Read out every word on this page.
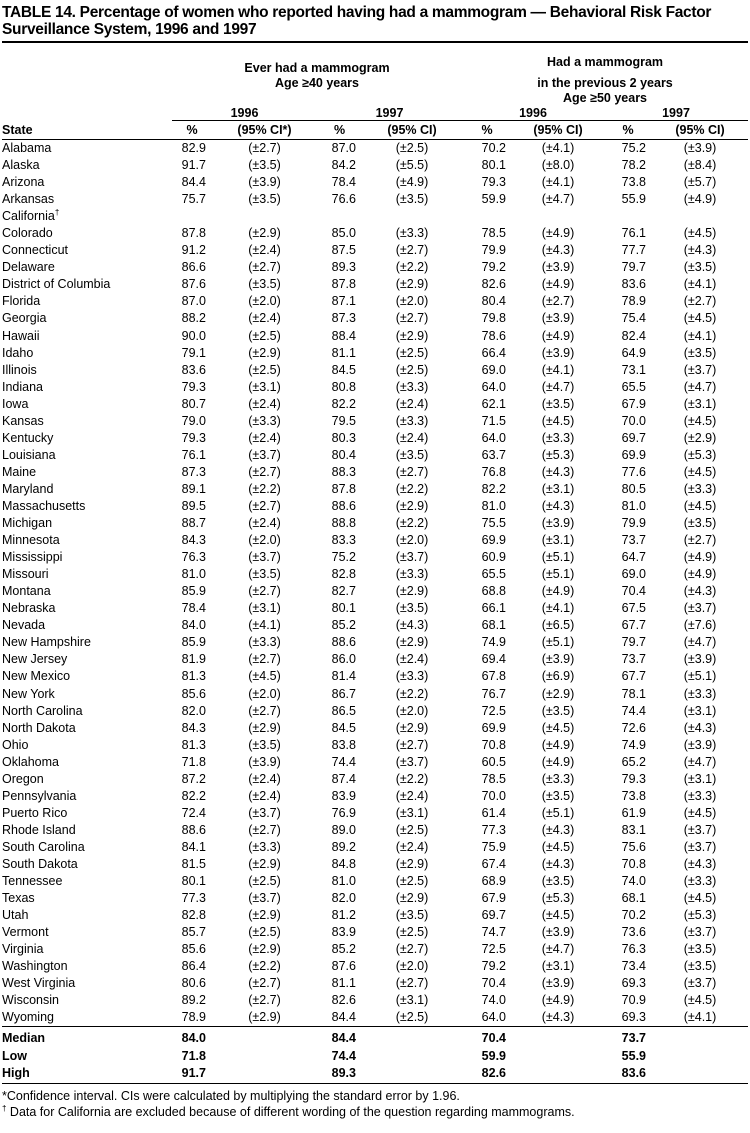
TABLE 14. Percentage of women who reported having had a mammogram — Behavioral Risk Factor Surveillance System, 1996 and 1997
	Ever had a mammogram				Had a mammogram			
	Age ≥40 years				in the previous 2 years			
					Age ≥50 years			
	1996		1997		1996		1997	
State	%	(95% CI*)	%	(95% CI)	%	(95% CI)	%	(95% CI)
Alabama	82.9	(±2.7)	87.0	(±2.5)	70.2	(±4.1)	75.2	(±3.9)
Alaska	91.7	(±3.5)	84.2	(±5.5)	80.1	(±8.0)	78.2	(±8.4)
Arizona	84.4	(±3.9)	78.4	(±4.9)	79.3	(±4.1)	73.8	(±5.7)
Arkansas	75.7	(±3.5)	76.6	(±3.5)	59.9	(±4.7)	55.9	(±4.9)
California†								
Colorado	87.8	(±2.9)	85.0	(±3.3)	78.5	(±4.9)	76.1	(±4.5)
Connecticut	91.2	(±2.4)	87.5	(±2.7)	79.9	(±4.3)	77.7	(±4.3)
Delaware	86.6	(±2.7)	89.3	(±2.2)	79.2	(±3.9)	79.7	(±3.5)
District of Columbia	87.6	(±3.5)	87.8	(±2.9)	82.6	(±4.9)	83.6	(±4.1)
Florida	87.0	(±2.0)	87.1	(±2.0)	80.4	(±2.7)	78.9	(±2.7)
Georgia	88.2	(±2.4)	87.3	(±2.7)	79.8	(±3.9)	75.4	(±4.5)
Hawaii	90.0	(±2.5)	88.4	(±2.9)	78.6	(±4.9)	82.4	(±4.1)
Idaho	79.1	(±2.9)	81.1	(±2.5)	66.4	(±3.9)	64.9	(±3.5)
Illinois	83.6	(±2.5)	84.5	(±2.5)	69.0	(±4.1)	73.1	(±3.7)
Indiana	79.3	(±3.1)	80.8	(±3.3)	64.0	(±4.7)	65.5	(±4.7)
Iowa	80.7	(±2.4)	82.2	(±2.4)	62.1	(±3.5)	67.9	(±3.1)
Kansas	79.0	(±3.3)	79.5	(±3.3)	71.5	(±4.5)	70.0	(±4.5)
Kentucky	79.3	(±2.4)	80.3	(±2.4)	64.0	(±3.3)	69.7	(±2.9)
Louisiana	76.1	(±3.7)	80.4	(±3.5)	63.7	(±5.3)	69.9	(±5.3)
Maine	87.3	(±2.7)	88.3	(±2.7)	76.8	(±4.3)	77.6	(±4.5)
Maryland	89.1	(±2.2)	87.8	(±2.2)	82.2	(±3.1)	80.5	(±3.3)
Massachusetts	89.5	(±2.7)	88.6	(±2.9)	81.0	(±4.3)	81.0	(±4.5)
Michigan	88.7	(±2.4)	88.8	(±2.2)	75.5	(±3.9)	79.9	(±3.5)
Minnesota	84.3	(±2.0)	83.3	(±2.0)	69.9	(±3.1)	73.7	(±2.7)
Mississippi	76.3	(±3.7)	75.2	(±3.7)	60.9	(±5.1)	64.7	(±4.9)
Missouri	81.0	(±3.5)	82.8	(±3.3)	65.5	(±5.1)	69.0	(±4.9)
Montana	85.9	(±2.7)	82.7	(±2.9)	68.8	(±4.9)	70.4	(±4.3)
Nebraska	78.4	(±3.1)	80.1	(±3.5)	66.1	(±4.1)	67.5	(±3.7)
Nevada	84.0	(±4.1)	85.2	(±4.3)	68.1	(±6.5)	67.7	(±7.6)
New Hampshire	85.9	(±3.3)	88.6	(±2.9)	74.9	(±5.1)	79.7	(±4.7)
New Jersey	81.9	(±2.7)	86.0	(±2.4)	69.4	(±3.9)	73.7	(±3.9)
New Mexico	81.3	(±4.5)	81.4	(±3.3)	67.8	(±6.9)	67.7	(±5.1)
New York	85.6	(±2.0)	86.7	(±2.2)	76.7	(±2.9)	78.1	(±3.3)
North Carolina	82.0	(±2.7)	86.5	(±2.0)	72.5	(±3.5)	74.4	(±3.1)
North Dakota	84.3	(±2.9)	84.5	(±2.9)	69.9	(±4.5)	72.6	(±4.3)
Ohio	81.3	(±3.5)	83.8	(±2.7)	70.8	(±4.9)	74.9	(±3.9)
Oklahoma	71.8	(±3.9)	74.4	(±3.7)	60.5	(±4.9)	65.2	(±4.7)
Oregon	87.2	(±2.4)	87.4	(±2.2)	78.5	(±3.3)	79.3	(±3.1)
Pennsylvania	82.2	(±2.4)	83.9	(±2.4)	70.0	(±3.5)	73.8	(±3.3)
Puerto Rico	72.4	(±3.7)	76.9	(±3.1)	61.4	(±5.1)	61.9	(±4.5)
Rhode Island	88.6	(±2.7)	89.0	(±2.5)	77.3	(±4.3)	83.1	(±3.7)
South Carolina	84.1	(±3.3)	89.2	(±2.4)	75.9	(±4.5)	75.6	(±3.7)
South Dakota	81.5	(±2.9)	84.8	(±2.9)	67.4	(±4.3)	70.8	(±4.3)
Tennessee	80.1	(±2.5)	81.0	(±2.5)	68.9	(±3.5)	74.0	(±3.3)
Texas	77.3	(±3.7)	82.0	(±2.9)	67.9	(±5.3)	68.1	(±4.5)
Utah	82.8	(±2.9)	81.2	(±3.5)	69.7	(±4.5)	70.2	(±5.3)
Vermont	85.7	(±2.5)	83.9	(±2.5)	74.7	(±3.9)	73.6	(±3.7)
Virginia	85.6	(±2.9)	85.2	(±2.7)	72.5	(±4.7)	76.3	(±3.5)
Washington	86.4	(±2.2)	87.6	(±2.0)	79.2	(±3.1)	73.4	(±3.5)
West Virginia	80.6	(±2.7)	81.1	(±2.7)	70.4	(±3.9)	69.3	(±3.7)
Wisconsin	89.2	(±2.7)	82.6	(±3.1)	74.0	(±4.9)	70.9	(±4.5)
Wyoming	78.9	(±2.9)	84.4	(±2.5)	64.0	(±4.3)	69.3	(±4.1)
Median	84.0		84.4		70.4		73.7	
Low	71.8		74.4		59.9		55.9	
High	91.7		89.3		82.6		83.6	
*Confidence interval. CIs were calculated by multiplying the standard error by 1.96.
† Data for California are excluded because of different wording of the question regarding mammograms.
